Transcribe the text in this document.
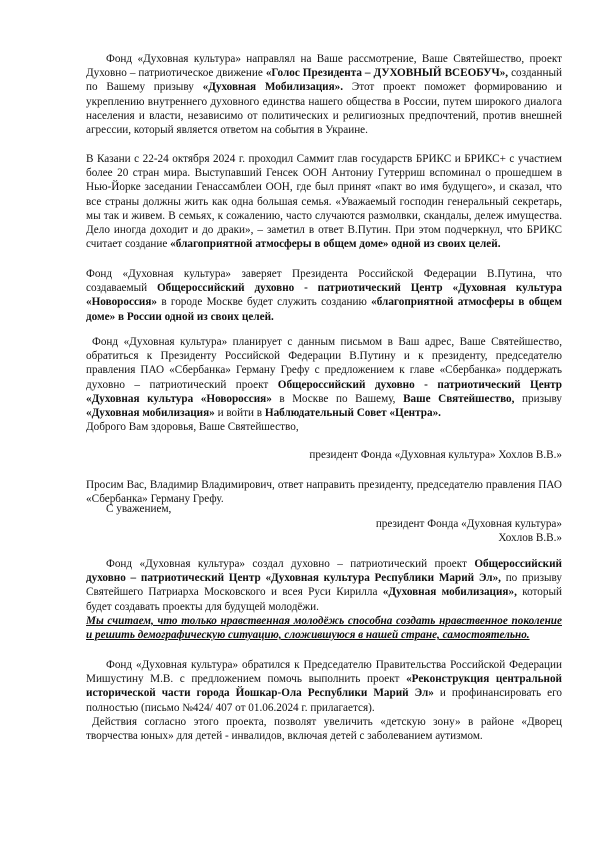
Фонд «Духовная культура» направлял на Ваше рассмотрение, Ваше Святейшество, проект Духовно – патриотическое движение «Голос Президента – ДУХОВНЫЙ ВСЕОБУЧ», созданный по Вашему призыву «Духовная Мобилизация». Этот проект поможет формированию и укреплению внутреннего духовного единства нашего общества в России, путем широкого диалога населения и власти, независимо от политических и религиозных предпочтений, против внешней агрессии, который является ответом на события в Украине.

В Казани с 22-24 октября 2024 г. проходил Саммит глав государств БРИКС и БРИКС+ с участием более 20 стран мира. Выступавший Генсек ООН Антониу Гутерриш вспоминал о прошедшем в Нью-Йорке заседании Генассамблеи ООН, где был принят «пакт во имя будущего», и сказал, что все страны должны жить как одна большая семья. «Уважаемый господин генеральный секретарь, мы так и живем. В семьях, к сожалению, часто случаются размолвки, скандалы, дележ имущества. Дело иногда доходит и до драки», – заметил в ответ В.Путин. При этом подчеркнул, что БРИКС считает создание «благоприятной атмосферы в общем доме» одной из своих целей.

Фонд «Духовная культура» заверяет Президента Российской Федерации В.Путина, что создаваемый Общероссийский духовно - патриотический Центр «Духовная культура «Новороссия» в городе Москве будет служить созданию «благоприятной атмосферы в общем доме» в России одной из своих целей.

Фонд «Духовная культура» планирует с данным письмом в Ваш адрес, Ваше Святейшество, обратиться к Президенту Российской Федерации В.Путину и к президенту, председателю правления ПАО «Сбербанка» Герману Грефу с предложением к главе «Сбербанка» поддержать духовно – патриотический проект Общероссийский духовно - патриотический Центр «Духовная культура «Новороссия» в Москве по Вашему, Ваше Святейшество, призыву «Духовная мобилизация» и войти в Наблюдательный Совет «Центра».
Доброго Вам здоровья, Ваше Святейшество,

президент Фонда «Духовная культура» Хохлов В.В.»

Просим Вас, Владимир Владимирович, ответ направить президенту, председателю правления ПАО «Сбербанка» Герману Грефу.

С уважением,

президент Фонда «Духовная культура»
Хохлов В.В.»

Фонд «Духовная культура» создал духовно – патриотический проект Общероссийский духовно – патриотический Центр «Духовная культура Республики Марий Эл», по призыву Святейшего Патриарха Московского и всея Руси Кирилла «Духовная мобилизация», который будет создавать проекты для будущей молодёжи.
Мы считаем, что только нравственная молодёжь способна создать нравственное поколение и решить демографическую ситуацию, сложившуюся в нашей стране, самостоятельно.

Фонд «Духовная культура» обратился к Председателю Правительства Российской Федерации Мишустину М.В. с предложением помочь выполнить проект «Реконструкция центральной исторической части города Йошкар-Ола Республики Марий Эл» и профинансировать его полностью (письмо №424/ 407 от 01.06.2024 г. прилагается).
Действия согласно этого проекта, позволят увеличить «детскую зону» в районе «Дворец творчества юных» для детей - инвалидов, включая детей с заболеванием аутизмом.
